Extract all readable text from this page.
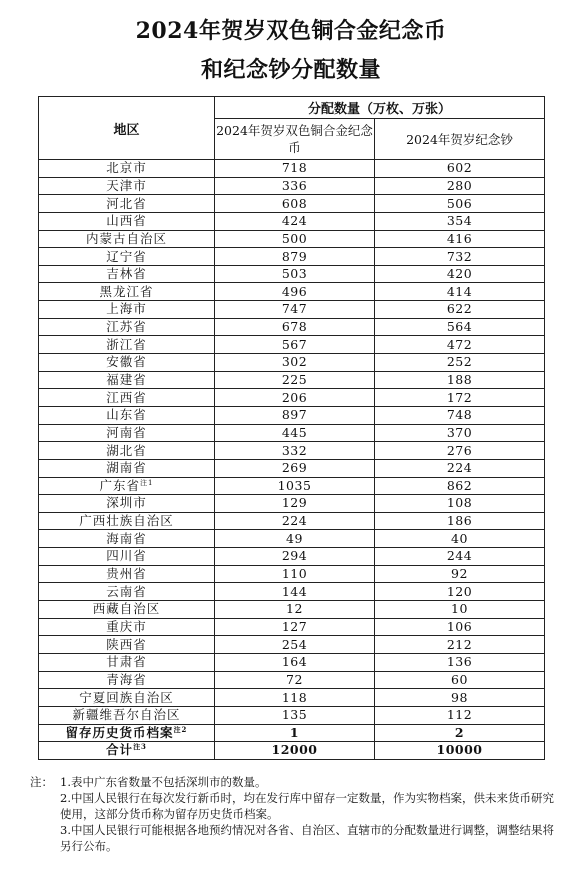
2024年贺岁双色铜合金纪念币
和纪念钞分配数量
地区	分配数量（万枚、万张）	
	2024年贺岁双色铜合金纪念币	2024年贺岁纪念钞
北京市	718	602
天津市	336	280
河北省	608	506
山西省	424	354
内蒙古自治区	500	416
辽宁省	879	732
吉林省	503	420
黑龙江省	496	414
上海市	747	622
江苏省	678	564
浙江省	567	472
安徽省	302	252
福建省	225	188
江西省	206	172
山东省	897	748
河南省	445	370
湖北省	332	276
湖南省	269	224
广东省$^{注1}$	1035	862
深圳市	129	108
广西壮族自治区	224	186
海南省	49	40
四川省	294	244
贵州省	110	92
云南省	144	120
西藏自治区	12	10
重庆市	127	106
陕西省	254	212
甘肃省	164	136
青海省	72	60
宁夏回族自治区	118	98
新疆维吾尔自治区	135	112
留存历史货币档案$^{注2}$	1	2
合计$^{注3}$	12000	10000

注： 1.表中广东省数量不包括深圳市的数量。

2.中国人民银行在每次发行新币时，均在发行库中留存一定数量，作为实物档案，供未来货币研究使用，这部分货币称为留存历史货币档案。

3.中国人民银行可能根据各地预约情况对各省、自治区、直辖市的分配数量进行调整，调整结果将另行公布。
